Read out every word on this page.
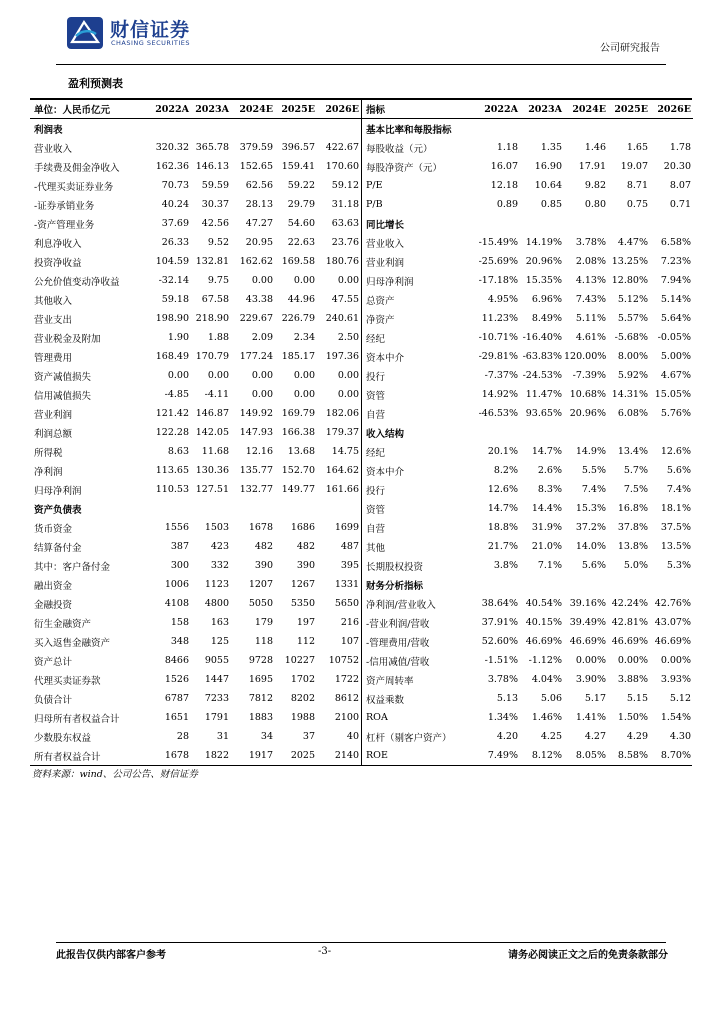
财信证券
CHASING SECURITIES	公司研究报告
盈利预测表
单位：人民币亿元	2022A	2023A	2024E	2025E	2026E
利润表					
营业收入	320.32	365.78	379.59	396.57	422.67
手续费及佣金净收入	162.36	146.13	152.65	159.41	170.60
-代理买卖证券业务	70.73	59.59	62.56	59.22	59.12
-证券承销业务	40.24	30.37	28.13	29.79	31.18
-资产管理业务	37.69	42.56	47.27	54.60	63.63
利息净收入	26.33	9.52	20.95	22.63	23.76
投资净收益	104.59	132.81	162.62	169.58	180.76
公允价值变动净收益	-32.14	9.75	0.00	0.00	0.00
其他收入	59.18	67.58	43.38	44.96	47.55
营业支出	198.90	218.90	229.67	226.79	240.61
营业税金及附加	1.90	1.88	2.09	2.34	2.50
管理费用	168.49	170.79	177.24	185.17	197.36
资产减值损失	0.00	0.00	0.00	0.00	0.00
信用减值损失	-4.85	-4.11	0.00	0.00	0.00
营业利润	121.42	146.87	149.92	169.79	182.06
利润总额	122.28	142.05	147.93	166.38	179.37
所得税	8.63	11.68	12.16	13.68	14.75
净利润	113.65	130.36	135.77	152.70	164.62
归母净利润	110.53	127.51	132.77	149.77	161.66
资产负债表					
货币资金	1556	1503	1678	1686	1699
结算备付金	387	423	482	482	487
其中：客户备付金	300	332	390	390	395
融出资金	1006	1123	1207	1267	1331
金融投资	4108	4800	5050	5350	5650
衍生金融资产	158	163	179	197	216
买入返售金融资产	348	125	118	112	107
资产总计	8466	9055	9728	10227	10752
代理买卖证券款	1526	1447	1695	1702	1722
负债合计	6787	7233	7812	8202	8612
归母所有者权益合计	1651	1791	1883	1988	2100
少数股东权益	28	31	34	37	40
所有者权益合计	1678	1822	1917	2025	2140
指标	2022A	2023A	2024E	2025E	2026E
基本比率和每股指标					
每股收益（元）	1.18	1.35	1.46	1.65	1.78
每股净资产（元）	16.07	16.90	17.91	19.07	20.30
P/E	12.18	10.64	9.82	8.71	8.07
P/B	0.89	0.85	0.80	0.75	0.71
同比增长					
营业收入	-15.49%	14.19%	3.78%	4.47%	6.58%
营业利润	-25.69%	20.96%	2.08%	13.25%	7.23%
归母净利润	-17.18%	15.35%	4.13%	12.80%	7.94%
总资产	4.95%	6.96%	7.43%	5.12%	5.14%
净资产	11.23%	8.49%	5.11%	5.57%	5.64%
经纪	-10.71%	-16.40%	4.61%	-5.68%	-0.05%
资本中介	-29.81%	-63.83%	120.00%	8.00%	5.00%
投行	-7.37%	-24.53%	-7.39%	5.92%	4.67%
资管	14.92%	11.47%	10.68%	14.31%	15.05%
自营	-46.53%	93.65%	20.96%	6.08%	5.76%
收入结构					
经纪	20.1%	14.7%	14.9%	13.4%	12.6%
资本中介	8.2%	2.6%	5.5%	5.7%	5.6%
投行	12.6%	8.3%	7.4%	7.5%	7.4%
资管	14.7%	14.4%	15.3%	16.8%	18.1%
自营	18.8%	31.9%	37.2%	37.8%	37.5%
其他	21.7%	21.0%	14.0%	13.8%	13.5%
长期股权投资	3.8%	7.1%	5.6%	5.0%	5.3%
财务分析指标					
净利润/营业收入	38.64%	40.54%	39.16%	42.24%	42.76%
-营业利润/营收	37.91%	40.15%	39.49%	42.81%	43.07%
-管理费用/营收	52.60%	46.69%	46.69%	46.69%	46.69%
-信用减值/营收	-1.51%	-1.12%	0.00%	0.00%	0.00%
资产周转率	3.78%	4.04%	3.90%	3.88%	3.93%
权益乘数	5.13	5.06	5.17	5.15	5.12
ROA	1.34%	1.46%	1.41%	1.50%	1.54%
杠杆（剔客户资产）	4.20	4.25	4.27	4.29	4.30
ROE	7.49%	8.12%	8.05%	8.58%	8.70%
资料来源：wind、公司公告、财信证券
此报告仅供内部客户参考	-3-	请务必阅读正文之后的免责条款部分
